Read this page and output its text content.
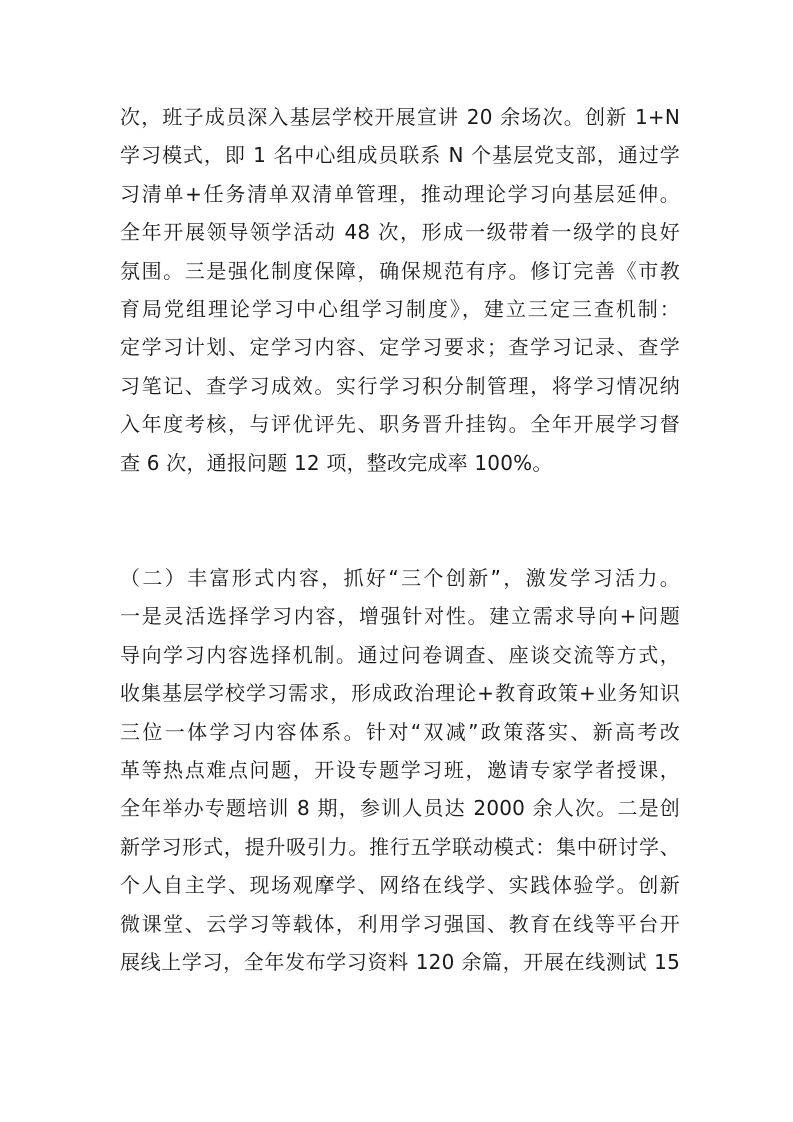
次，班子成员深入基层学校开展宣讲 20 余场次。创新 1+N
学习模式，即 1 名中心组成员联系 N 个基层党支部，通过学
习清单+任务清单双清单管理，推动理论学习向基层延伸。
全年开展领导领学活动 48 次，形成一级带着一级学的良好
氛围。三是强化制度保障，确保规范有序。修订完善《市教
育局党组理论学习中心组学习制度》，建立三定三查机制：
定学习计划、定学习内容、定学习要求；查学习记录、查学
习笔记、查学习成效。实行学习积分制管理，将学习情况纳
入年度考核，与评优评先、职务晋升挂钩。全年开展学习督
查 6 次，通报问题 12 项，整改完成率 100%。
（二）丰富形式内容，抓好“三个创新”，激发学习活力。
一是灵活选择学习内容，增强针对性。建立需求导向+问题
导向学习内容选择机制。通过问卷调查、座谈交流等方式，
收集基层学校学习需求，形成政治理论+教育政策+业务知识
三位一体学习内容体系。针对“双减”政策落实、新高考改
革等热点难点问题，开设专题学习班，邀请专家学者授课，
全年举办专题培训 8 期，参训人员达 2000 余人次。二是创
新学习形式，提升吸引力。推行五学联动模式：集中研讨学、
个人自主学、现场观摩学、网络在线学、实践体验学。创新
微课堂、云学习等载体，利用学习强国、教育在线等平台开
展线上学习，全年发布学习资料 120 余篇，开展在线测试 15
